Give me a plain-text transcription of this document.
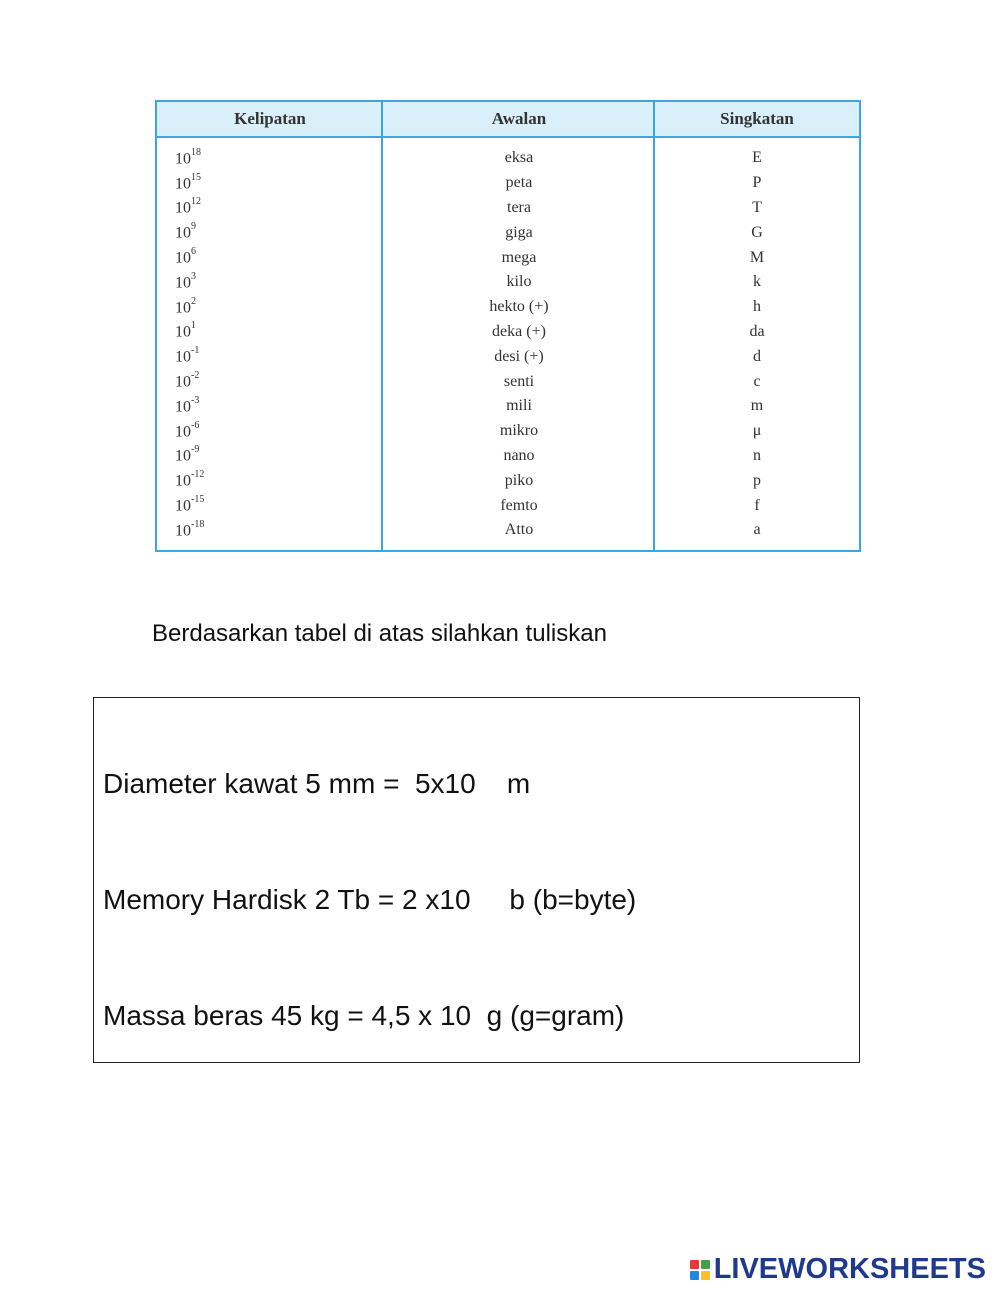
Kelipatan	Awalan	Singkatan
$10^{18}$	eksa	E
$10^{15}$	peta	P
$10^{12}$	tera	T
$10^9$	giga	G
$10^6$	mega	M
$10^3$	kilo	k
$10^2$	hekto (+)	h
$10^1$	deka (+)	da
$10^{-1}$	desi (+)	d
$10^{-2}$	senti	c
$10^{-3}$	mili	m
$10^{-6}$	mikro	μ
$10^{-9}$	nano	n
$10^{-12}$	piko	p
$10^{-15}$	femto	f
$10^{-18}$	Atto	a
Berdasarkan tabel di atas silahkan tuliskan
Diameter kawat 5 mm =  5x10    m
Memory Hardisk 2 Tb = 2 x10     b (b=byte)
Massa beras 45 kg = 4,5 x 10  g (g=gram)
LIVEWORKSHEETS
